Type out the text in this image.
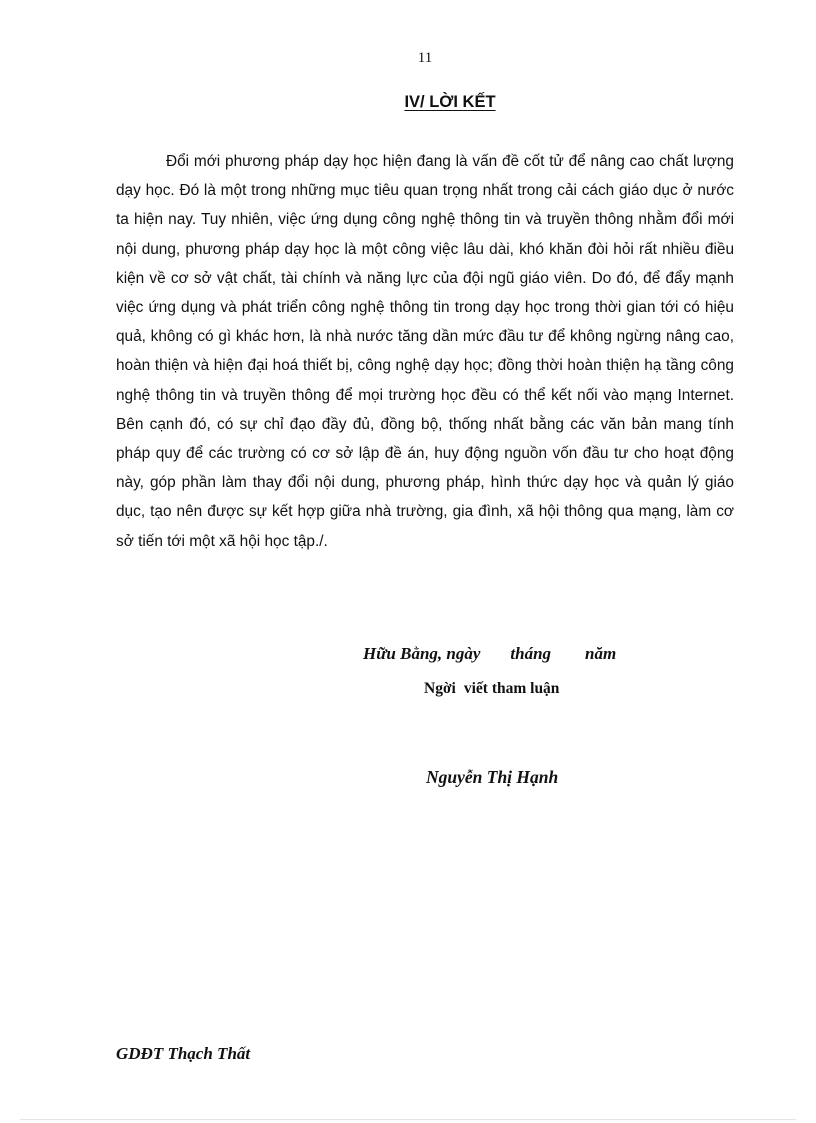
11
IV/ LỜI KẾT

Đổi mới phương pháp dạy học hiện đang là vấn đề cốt tử để nâng cao chất lượng dạy học. Đó là một trong những mục tiêu quan trọng nhất trong cải cách giáo dục ở nước ta hiện nay. Tuy nhiên, việc ứng dụng công nghệ thông tin và truyền thông nhằm đổi mới nội dung, phương pháp dạy học là một công việc lâu dài, khó khăn đòi hỏi rất nhiều điều kiện về cơ sở vật chất, tài chính và năng lực của đội ngũ giáo viên. Do đó, để đẩy mạnh việc ứng dụng và phát triển công nghệ thông tin trong dạy học trong thời gian tới có hiệu quả, không có gì khác hơn, là nhà nước tăng dần mức đầu tư để không ngừng nâng cao, hoàn thiện và hiện đại hoá thiết bị, công nghệ dạy học; đồng thời hoàn thiện hạ tầng công nghệ thông tin và truyền thông để mọi trường học đều có thể kết nối vào mạng Internet. Bên cạnh đó, có sự chỉ đạo đầy đủ, đồng bộ, thống nhất bằng các văn bản mang tính pháp quy để các trường có cơ sở lập đề án, huy động nguồn vốn đầu tư cho hoạt động này, góp phần làm thay đổi nội dung, phương pháp, hình thức dạy học và quản lý giáo dục, tạo nên được sự kết hợp giữa nhà trường, gia đình, xã hội thông qua mạng, làm cơ sở tiến tới một xã hội học tập./.

Hữu Bằng, ngày tháng năm
Ngời viết tham luận
Nguyễn Thị Hạnh
GDĐT Thạch Thất
